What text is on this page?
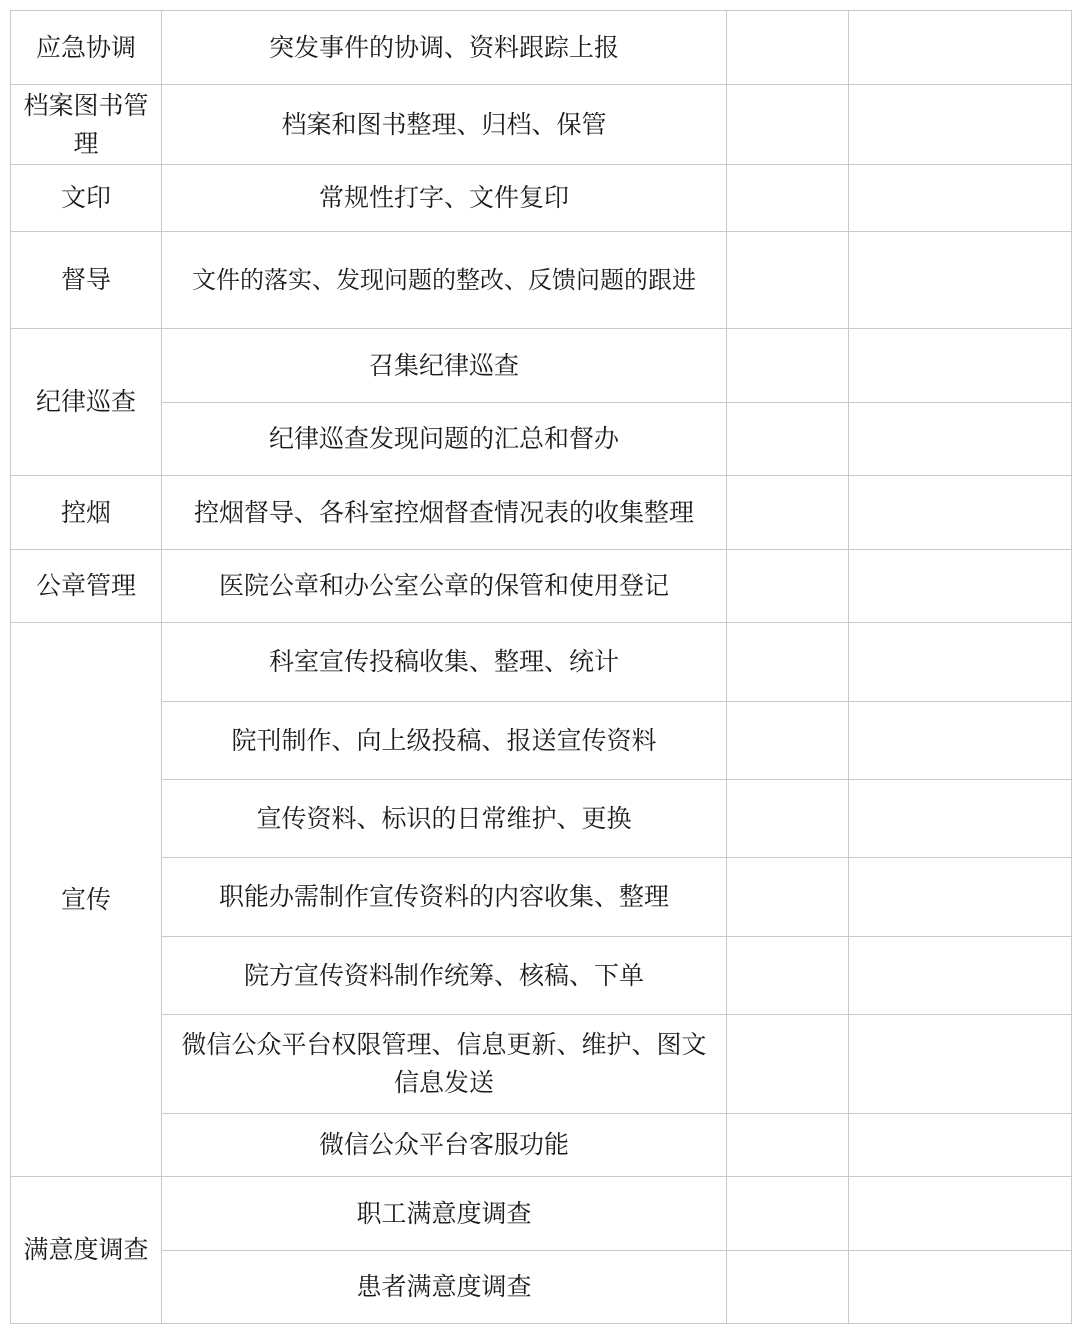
应急协调	突发事件的协调、资料跟踪上报		
档案图书管理	档案和图书整理、归档、保管		
文印	常规性打字、文件复印		
督导	文件的落实、发现问题的整改、反馈问题的跟进		
纪律巡查	召集纪律巡查		
	纪律巡查发现问题的汇总和督办		
控烟	控烟督导、各科室控烟督查情况表的收集整理		
公章管理	医院公章和办公室公章的保管和使用登记		
宣传	科室宣传投稿收集、整理、统计		
	院刊制作、向上级投稿、报送宣传资料		
	宣传资料、标识的日常维护、更换		
	职能办需制作宣传资料的内容收集、整理		
	院方宣传资料制作统筹、核稿、下单		
	微信公众平台权限管理、信息更新、维护、图文信息发送		
	微信公众平台客服功能		
满意度调查	职工满意度调查		
	患者满意度调查		
